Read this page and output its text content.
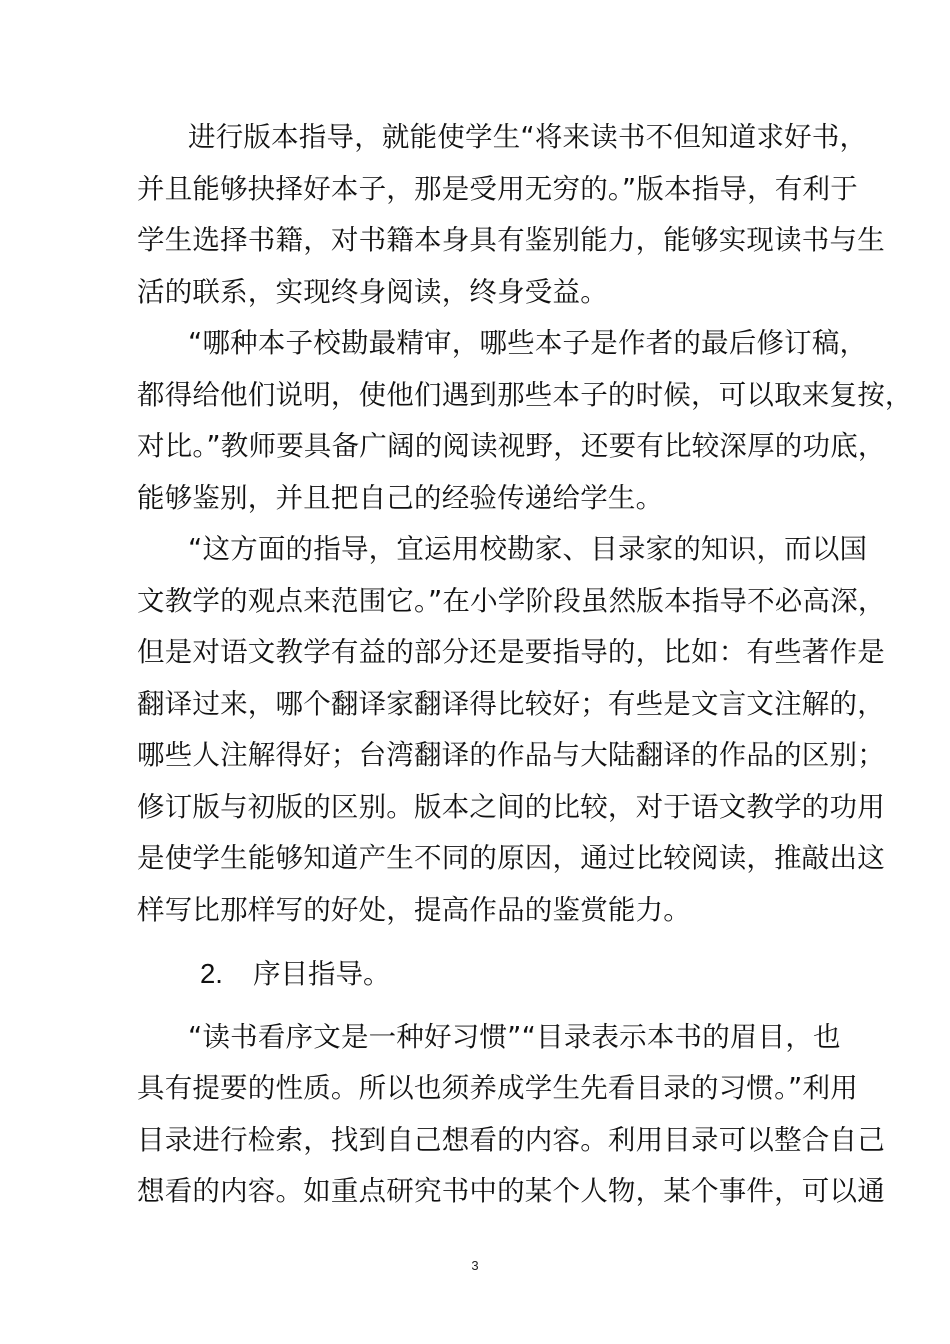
进行版本指导，就能使学生“将来读书不但知道求好书，
并且能够抉择好本子，那是受用无穷的。”版本指导，有利于
学生选择书籍，对书籍本身具有鉴别能力，能够实现读书与生
活的联系，实现终身阅读，终身受益。
“哪种本子校勘最精审，哪些本子是作者的最后修订稿，
都得给他们说明，使他们遇到那些本子的时候，可以取来复按，
对比。”教师要具备广阔的阅读视野，还要有比较深厚的功底，
能够鉴别，并且把自己的经验传递给学生。
“这方面的指导，宜运用校勘家、目录家的知识，而以国
文教学的观点来范围它。”在小学阶段虽然版本指导不必高深，
但是对语文教学有益的部分还是要指导的，比如：有些著作是
翻译过来，哪个翻译家翻译得比较好；有些是文言文注解的，
哪些人注解得好；台湾翻译的作品与大陆翻译的作品的区别；
修订版与初版的区别。版本之间的比较，对于语文教学的功用
是使学生能够知道产生不同的原因，通过比较阅读，推敲出这
样写比那样写的好处，提高作品的鉴赏能力。
2. 序目指导。
“读书看序文是一种好习惯”“目录表示本书的眉目，也
具有提要的性质。所以也须养成学生先看目录的习惯。”利用
目录进行检索，找到自己想看的内容。利用目录可以整合自己
想看的内容。如重点研究书中的某个人物，某个事件，可以通
3
